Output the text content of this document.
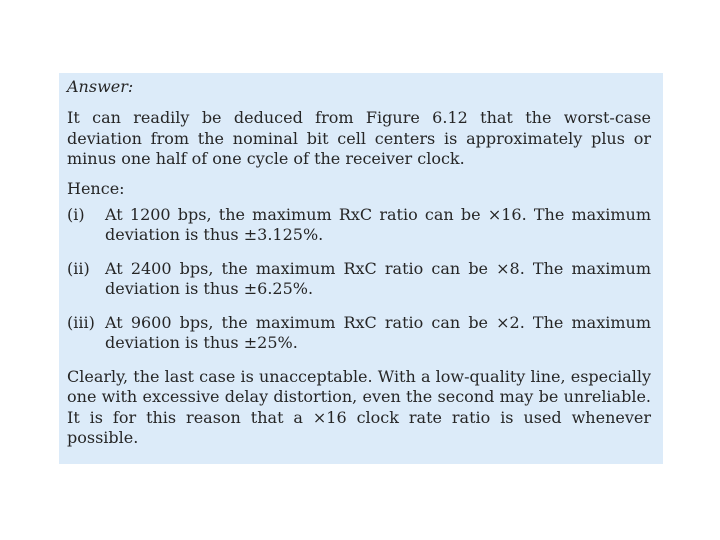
Answer:

It can readily be deduced from Figure 6.12 that the worst-case deviation from the nominal bit cell centers is approximately plus or minus one half of one cycle of the receiver clock.

Hence:
(i)	At 1200 bps, the maximum RxC ratio can be ×16. The maximum deviation is thus ±3.125%.
(ii) At 2400 bps, the maximum RxC ratio can be ×8. The maximum deviation is thus ±6.25%.
(iii) At 9600 bps, the maximum RxC ratio can be ×2. The maximum deviation is thus ±25%.

Clearly, the last case is unacceptable. With a low-quality line, especially one with excessive delay distortion, even the second may be unreliable. It is for this reason that a ×16 clock rate ratio is used whenever possible.
